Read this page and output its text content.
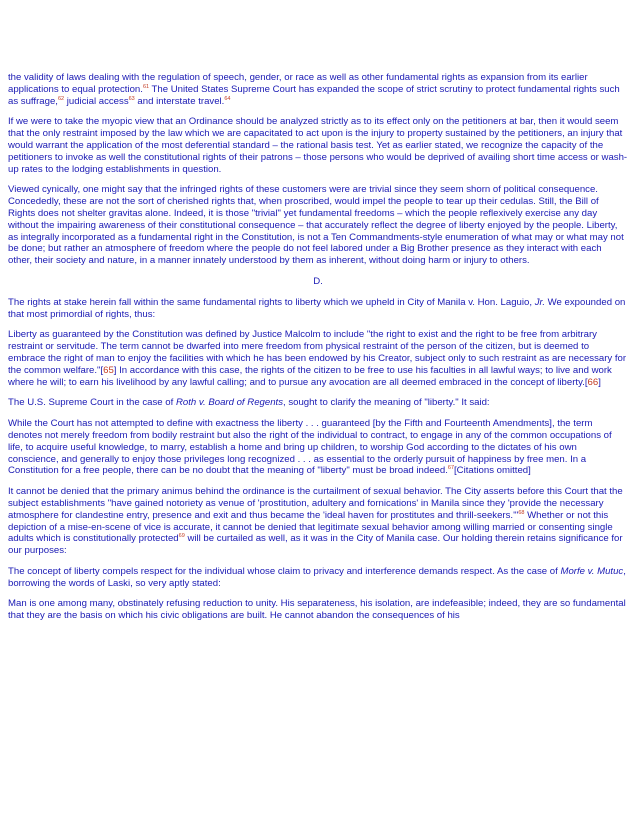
the validity of laws dealing with the regulation of speech, gender, or race as well as other fundamental rights as expansion from its earlier applications to equal protection.$^{61}$ The United States Supreme Court has expanded the scope of strict scrutiny to protect fundamental rights such as suffrage,$^{62}$ judicial access$^{63}$ and interstate travel.$^{64}$

If we were to take the myopic view that an Ordinance should be analyzed strictly as to its effect only on the petitioners at bar, then it would seem that the only restraint imposed by the law which we are capacitated to act upon is the injury to property sustained by the petitioners, an injury that would warrant the application of the most deferential standard – the rational basis test. Yet as earlier stated, we recognize the capacity of the petitioners to invoke as well the constitutional rights of their patrons – those persons who would be deprived of availing short time access or wash-up rates to the lodging establishments in question.

Viewed cynically, one might say that the infringed rights of these customers were are trivial since they seem shorn of political consequence. Concededly, these are not the sort of cherished rights that, when proscribed, would impel the people to tear up their cedulas. Still, the Bill of Rights does not shelter gravitas alone. Indeed, it is those "trivial" yet fundamental freedoms – which the people reflexively exercise any day without the impairing awareness of their constitutional consequence – that accurately reflect the degree of liberty enjoyed by the people. Liberty, as integrally incorporated as a fundamental right in the Constitution, is not a Ten Commandments-style enumeration of what may or what may not be done; but rather an atmosphere of freedom where the people do not feel labored under a Big Brother presence as they interact with each other, their society and nature, in a manner innately understood by them as inherent, without doing harm or injury to others.

D.

The rights at stake herein fall within the same fundamental rights to liberty which we upheld in City of Manila v. Hon. Laguio, Jr. We expounded on that most primordial of rights, thus:

Liberty as guaranteed by the Constitution was defined by Justice Malcolm to include "the right to exist and the right to be free from arbitrary restraint or servitude. The term cannot be dwarfed into mere freedom from physical restraint of the person of the citizen, but is deemed to embrace the right of man to enjoy the facilities with which he has been endowed by his Creator, subject only to such restraint as are necessary for the common welfare."[65] In accordance with this case, the rights of the citizen to be free to use his faculties in all lawful ways; to live and work where he will; to earn his livelihood by any lawful calling; and to pursue any avocation are all deemed embraced in the concept of liberty.[66]

The U.S. Supreme Court in the case of Roth v. Board of Regents, sought to clarify the meaning of "liberty." It said:

While the Court has not attempted to define with exactness the liberty . . . guaranteed [by the Fifth and Fourteenth Amendments], the term denotes not merely freedom from bodily restraint but also the right of the individual to contract, to engage in any of the common occupations of life, to acquire useful knowledge, to marry, establish a home and bring up children, to worship God according to the dictates of his own conscience, and generally to enjoy those privileges long recognized . . . as essential to the orderly pursuit of happiness by free men. In a Constitution for a free people, there can be no doubt that the meaning of "liberty" must be broad indeed.$^{67}$[Citations omitted]

It cannot be denied that the primary animus behind the ordinance is the curtailment of sexual behavior. The City asserts before this Court that the subject establishments "have gained notoriety as venue of 'prostitution, adultery and fornications' in Manila since they 'provide the necessary atmosphere for clandestine entry, presence and exit and thus became the 'ideal haven for prostitutes and thrill-seekers.'"$^{68}$ Whether or not this depiction of a mise-en-scene of vice is accurate, it cannot be denied that legitimate sexual behavior among willing married or consenting single adults which is constitutionally protected$^{69}$ will be curtailed as well, as it was in the City of Manila case. Our holding therein retains significance for our purposes:

The concept of liberty compels respect for the individual whose claim to privacy and interference demands respect. As the case of Morfe v. Mutuc, borrowing the words of Laski, so very aptly stated:

Man is one among many, obstinately refusing reduction to unity. His separateness, his isolation, are indefeasible; indeed, they are so fundamental that they are the basis on which his civic obligations are built. He cannot abandon the consequences of his
